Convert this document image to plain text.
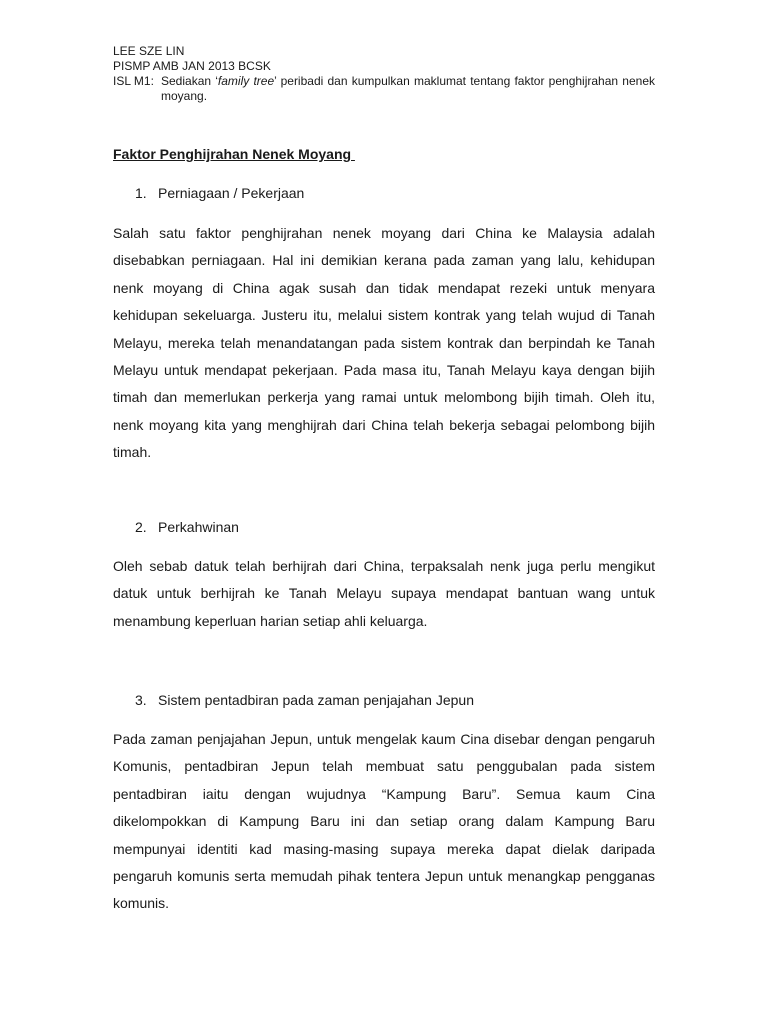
LEE SZE LIN
PISMP AMB JAN 2013 BCSK
ISL M1: Sediakan ‘family tree’ peribadi dan kumpulkan maklumat tentang faktor penghijrahan nenek moyang.
Faktor Penghijrahan Nenek Moyang
1. Perniagaan / Pekerjaan
Salah satu faktor penghijrahan nenek moyang dari China ke Malaysia adalah disebabkan perniagaan. Hal ini demikian kerana pada zaman yang lalu, kehidupan nenk moyang di China agak susah dan tidak mendapat rezeki untuk menyara kehidupan sekeluarga. Justeru itu, melalui sistem kontrak yang telah wujud di Tanah Melayu, mereka telah menandatangan pada sistem kontrak dan berpindah ke Tanah Melayu untuk mendapat pekerjaan. Pada masa itu, Tanah Melayu kaya dengan bijih timah dan memerlukan perkerja yang ramai untuk melombong bijih timah. Oleh itu, nenk moyang kita yang menghijrah dari China telah bekerja sebagai pelombong bijih timah.
2. Perkahwinan
Oleh sebab datuk telah berhijrah dari China, terpaksalah nenk juga perlu mengikut datuk untuk berhijrah ke Tanah Melayu supaya mendapat bantuan wang untuk menambung keperluan harian setiap ahli keluarga.
3. Sistem pentadbiran pada zaman penjajahan Jepun
Pada zaman penjajahan Jepun, untuk mengelak kaum Cina disebar dengan pengaruh Komunis, pentadbiran Jepun telah membuat satu penggubalan pada sistem pentadbiran iaitu dengan wujudnya “Kampung Baru”. Semua kaum Cina dikelompokkan di Kampung Baru ini dan setiap orang dalam Kampung Baru mempunyai identiti kad masing-masing supaya mereka dapat dielak daripada pengaruh komunis serta memudah pihak tentera Jepun untuk menangkap pengganas komunis.
